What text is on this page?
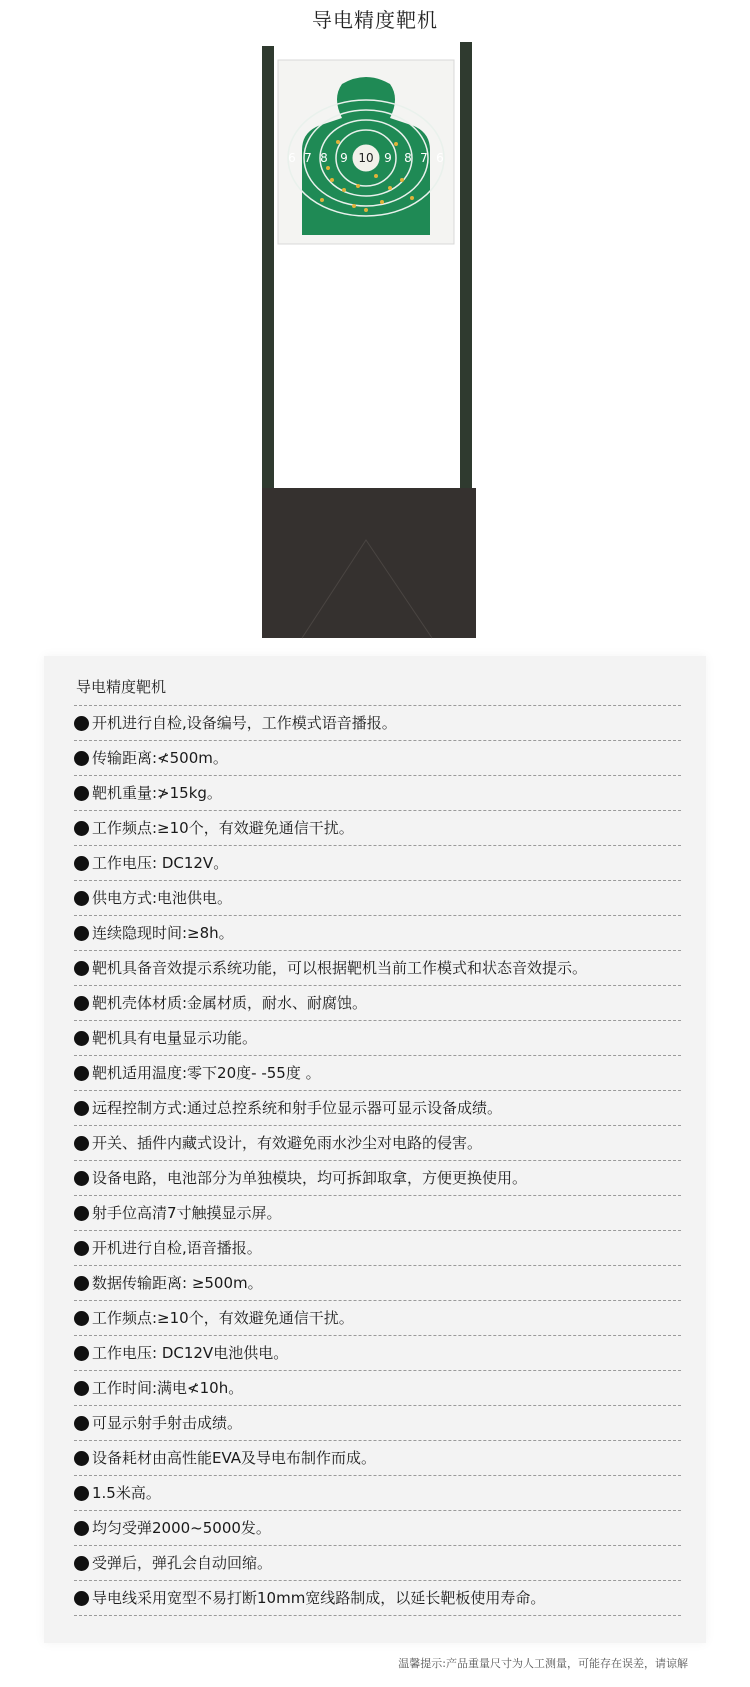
导电精度靶机
6 7 8 9 10 9 8 7 6
导电精度靶机
开机进行自检,设备编号，工作模式语音播报。
传输距离:≮500m。
靶机重量:≯15kg。
工作频点:≥10个，有效避免通信干扰。
工作电压: DC12V。
供电方式:电池供电。
连续隐现时间:≥8h。
靶机具备音效提示系统功能，可以根据靶机当前工作模式和状态音效提示。
靶机壳体材质:金属材质，耐水、耐腐蚀。
靶机具有电量显示功能。
靶机适用温度:零下20度- -55度 。
远程控制方式:通过总控系统和射手位显示器可显示设备成绩。
开关、插件内藏式设计，有效避免雨水沙尘对电路的侵害。
设备电路，电池部分为单独模块，均可拆卸取拿，方便更换使用。
射手位高清7寸触摸显示屏。
开机进行自检,语音播报。
数据传输距离: ≥500m。
工作频点:≥10个，有效避免通信干扰。
工作电压: DC12V电池供电。
工作时间:满电≮10h。
可显示射手射击成绩。
设备耗材由高性能EVA及导电布制作而成。
1.5米高。
均匀受弹2000~5000发。
受弹后，弹孔会自动回缩。
导电线采用宽型不易打断10mm宽线路制成，以延长靶板使用寿命。
温馨提示:产品重量尺寸为人工测量，可能存在误差，请谅解
